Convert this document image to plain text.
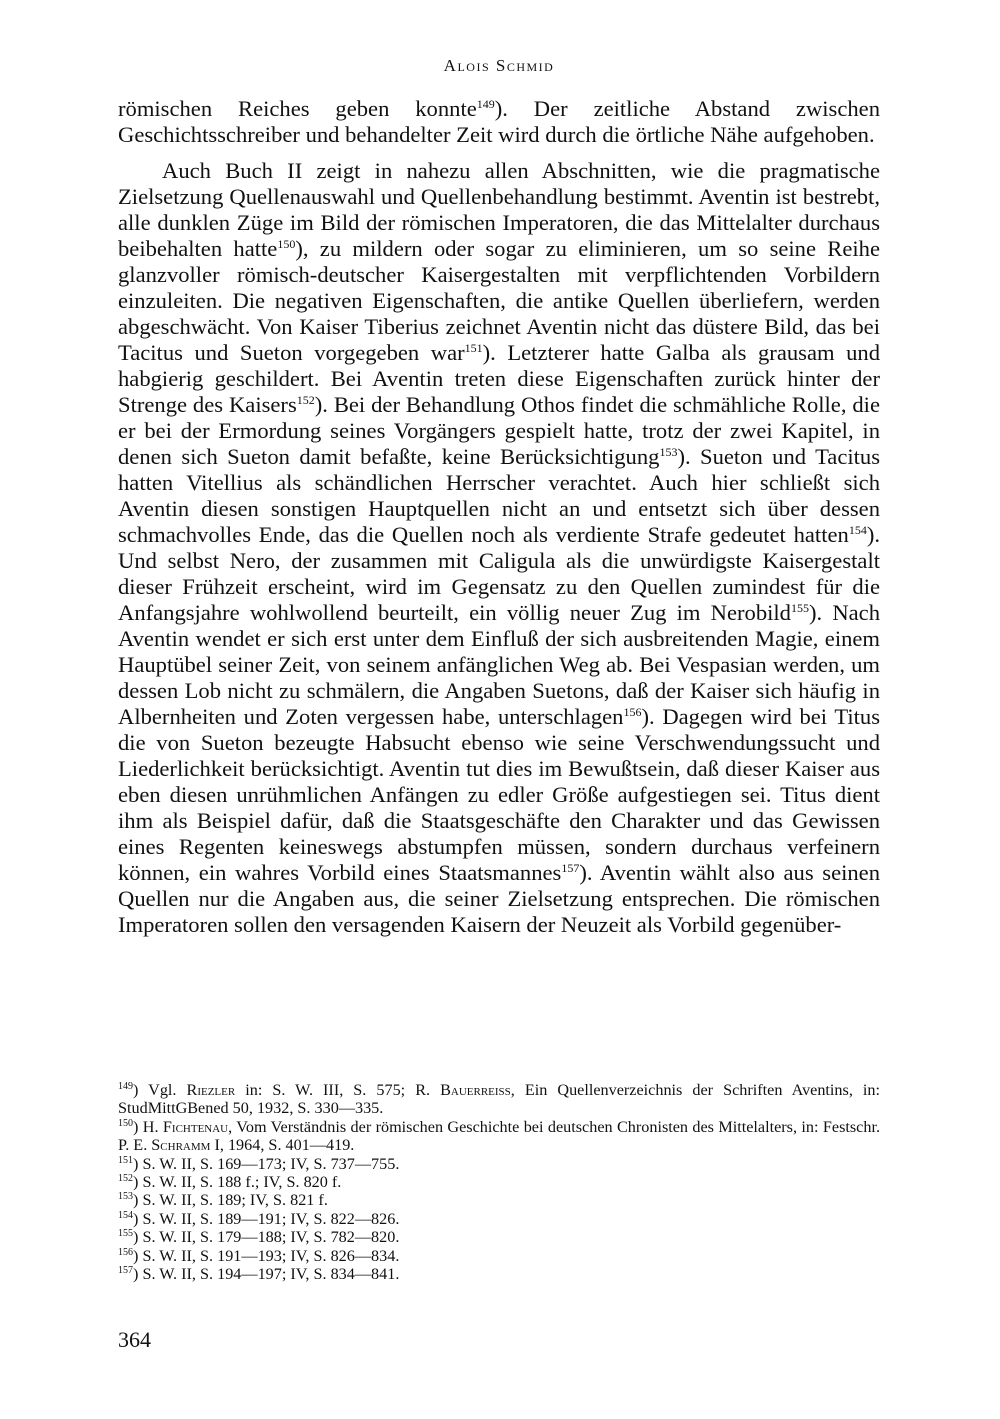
Alois Schmid

römischen Reiches geben konnte$^{149}$). Der zeitliche Abstand zwischen Geschichtsschreiber und behandelter Zeit wird durch die örtliche Nähe aufgehoben.

Auch Buch II zeigt in nahezu allen Abschnitten, wie die pragmatische Zielsetzung Quellenauswahl und Quellenbehandlung bestimmt. Aventin ist bestrebt, alle dunklen Züge im Bild der römischen Imperatoren, die das Mittelalter durchaus beibehalten hatte$^{150}$), zu mildern oder sogar zu eliminieren, um so seine Reihe glanzvoller römisch-deutscher Kaisergestalten mit verpflichtenden Vorbildern einzuleiten. Die negativen Eigenschaften, die antike Quellen überliefern, werden abgeschwächt. Von Kaiser Tiberius zeichnet Aventin nicht das düstere Bild, das bei Tacitus und Sueton vorgegeben war$^{151}$). Letzterer hatte Galba als grausam und habgierig geschildert. Bei Aventin treten diese Eigenschaften zurück hinter der Strenge des Kaisers$^{152}$). Bei der Behandlung Othos findet die schmähliche Rolle, die er bei der Ermordung seines Vorgängers gespielt hatte, trotz der zwei Kapitel, in denen sich Sueton damit befaßte, keine Berücksichtigung$^{153}$). Sueton und Tacitus hatten Vitellius als schändlichen Herrscher verachtet. Auch hier schließt sich Aventin diesen sonstigen Hauptquellen nicht an und entsetzt sich über dessen schmachvolles Ende, das die Quellen noch als verdiente Strafe gedeutet hatten$^{154}$). Und selbst Nero, der zusammen mit Caligula als die unwürdigste Kaisergestalt dieser Frühzeit erscheint, wird im Gegensatz zu den Quellen zumindest für die Anfangsjahre wohlwollend beurteilt, ein völlig neuer Zug im Nerobild$^{155}$). Nach Aventin wendet er sich erst unter dem Einfluß der sich ausbreitenden Magie, einem Hauptübel seiner Zeit, von seinem anfänglichen Weg ab. Bei Vespasian werden, um dessen Lob nicht zu schmälern, die Angaben Suetons, daß der Kaiser sich häufig in Albernheiten und Zoten vergessen habe, unterschlagen$^{156}$). Dagegen wird bei Titus die von Sueton bezeugte Habsucht ebenso wie seine Verschwendungssucht und Liederlichkeit berücksichtigt. Aventin tut dies im Bewußtsein, daß dieser Kaiser aus eben diesen unrühmlichen Anfängen zu edler Größe aufgestiegen sei. Titus dient ihm als Beispiel dafür, daß die Staatsgeschäfte den Charakter und das Gewissen eines Regenten keineswegs abstumpfen müssen, sondern durchaus verfeinern können, ein wahres Vorbild eines Staatsmannes$^{157}$). Aventin wählt also aus seinen Quellen nur die Angaben aus, die seiner Zielsetzung entsprechen. Die römischen Imperatoren sollen den versagenden Kaisern der Neuzeit als Vorbild gegenüber-

$^{149}$) Vgl. Riezler in: S. W. III, S. 575; R. Bauerreiss, Ein Quellenverzeichnis der Schriften Aventins, in: StudMittGBened 50, 1932, S. 330—335.

$^{150}$) H. Fichtenau, Vom Verständnis der römischen Geschichte bei deutschen Chronisten des Mittelalters, in: Festschr. P. E. Schramm I, 1964, S. 401—419.

$^{151}$) S. W. II, S. 169—173; IV, S. 737—755.

$^{152}$) S. W. II, S. 188 f.; IV, S. 820 f.

$^{153}$) S. W. II, S. 189; IV, S. 821 f.

$^{154}$) S. W. II, S. 189—191; IV, S. 822—826.

$^{155}$) S. W. II, S. 179—188; IV, S. 782—820.

$^{156}$) S. W. II, S. 191—193; IV, S. 826—834.

$^{157}$) S. W. II, S. 194—197; IV, S. 834—841.

364
